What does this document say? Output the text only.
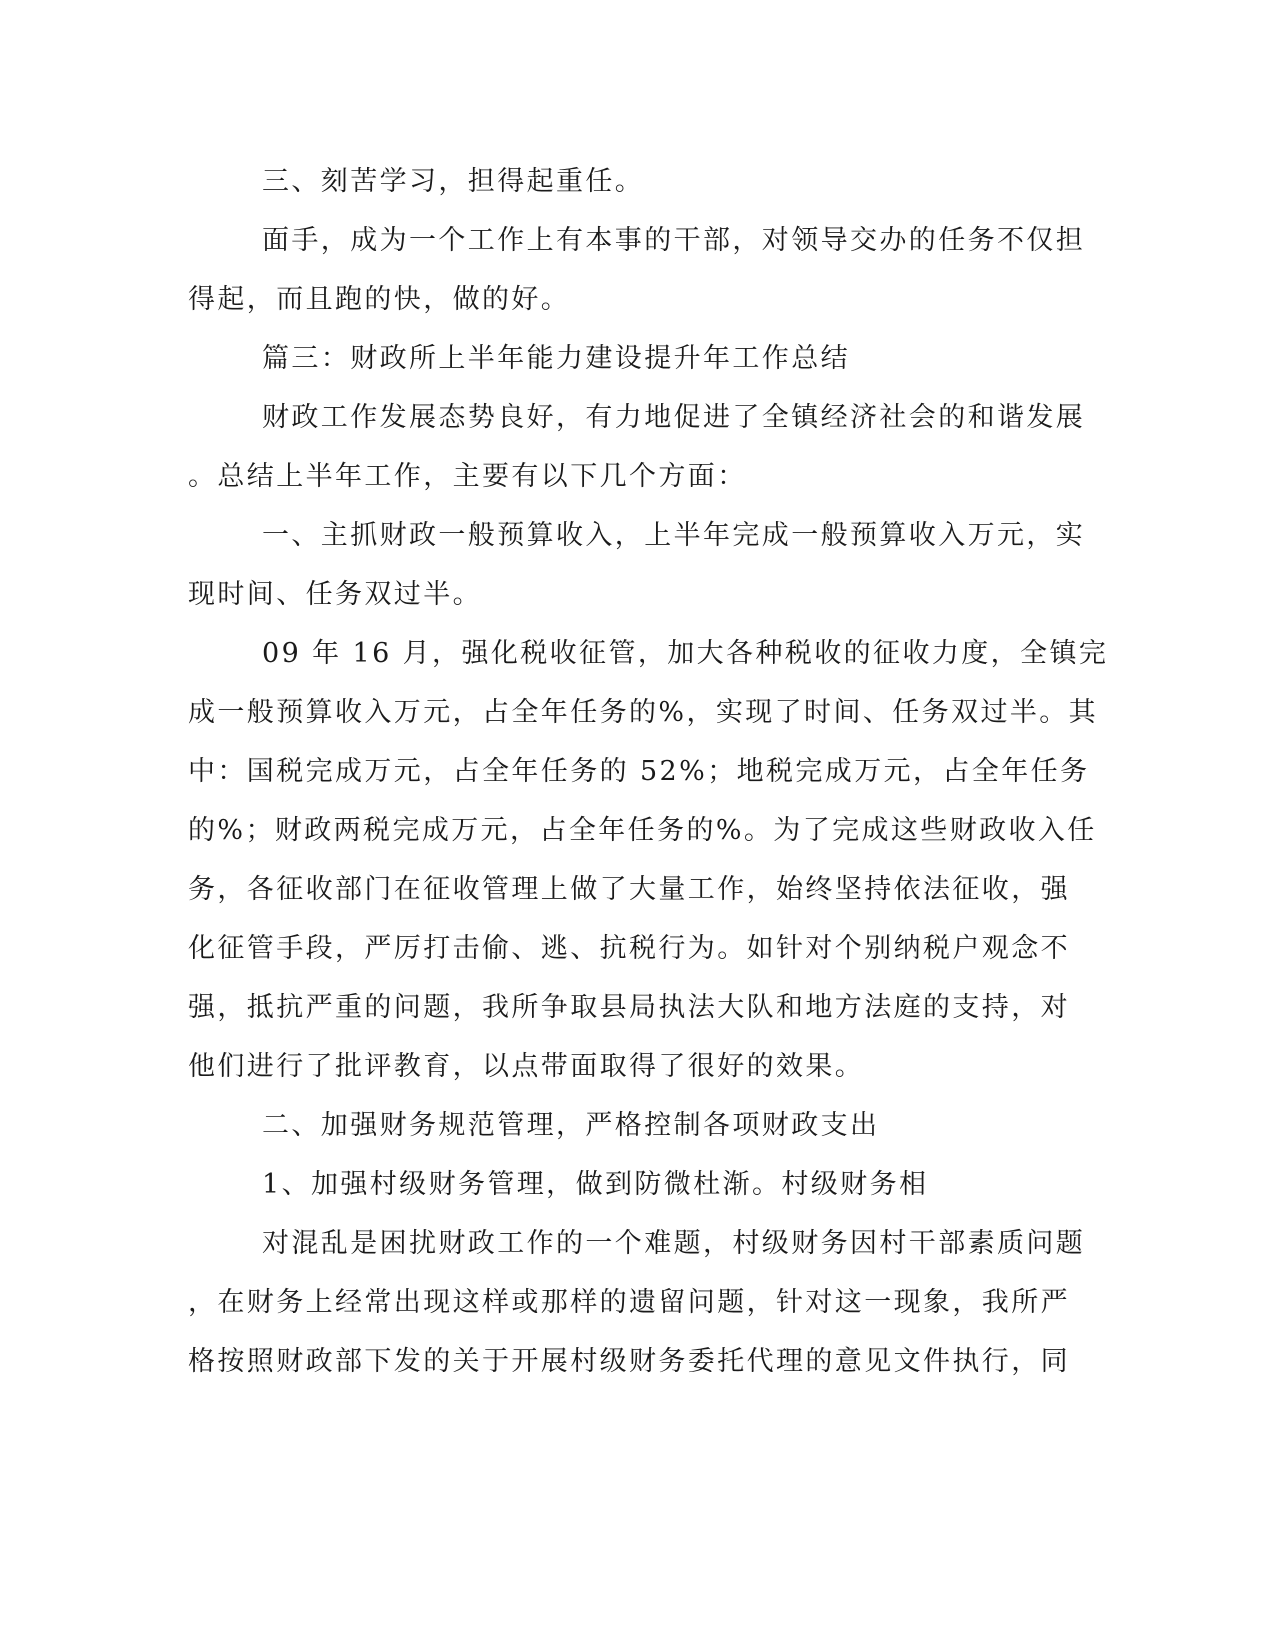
三、刻苦学习，担得起重任。
面手，成为一个工作上有本事的干部，对领导交办的任务不仅担
得起，而且跑的快，做的好。
篇三：财政所上半年能力建设提升年工作总结
财政工作发展态势良好，有力地促进了全镇经济社会的和谐发展
。总结上半年工作，主要有以下几个方面：
一、主抓财政一般预算收入，上半年完成一般预算收入万元，实
现时间、任务双过半。
09 年 16 月，强化税收征管，加大各种税收的征收力度，全镇完
成一般预算收入万元，占全年任务的%，实现了时间、任务双过半。其
中：国税完成万元，占全年任务的 52%；地税完成万元，占全年任务
的%；财政两税完成万元，占全年任务的%。为了完成这些财政收入任
务，各征收部门在征收管理上做了大量工作，始终坚持依法征收，强
化征管手段，严厉打击偷、逃、抗税行为。如针对个别纳税户观念不
强，抵抗严重的问题，我所争取县局执法大队和地方法庭的支持，对
他们进行了批评教育，以点带面取得了很好的效果。
二、加强财务规范管理，严格控制各项财政支出
1、加强村级财务管理，做到防微杜渐。村级财务相
对混乱是困扰财政工作的一个难题，村级财务因村干部素质问题
，在财务上经常出现这样或那样的遗留问题，针对这一现象，我所严
格按照财政部下发的关于开展村级财务委托代理的意见文件执行，同
